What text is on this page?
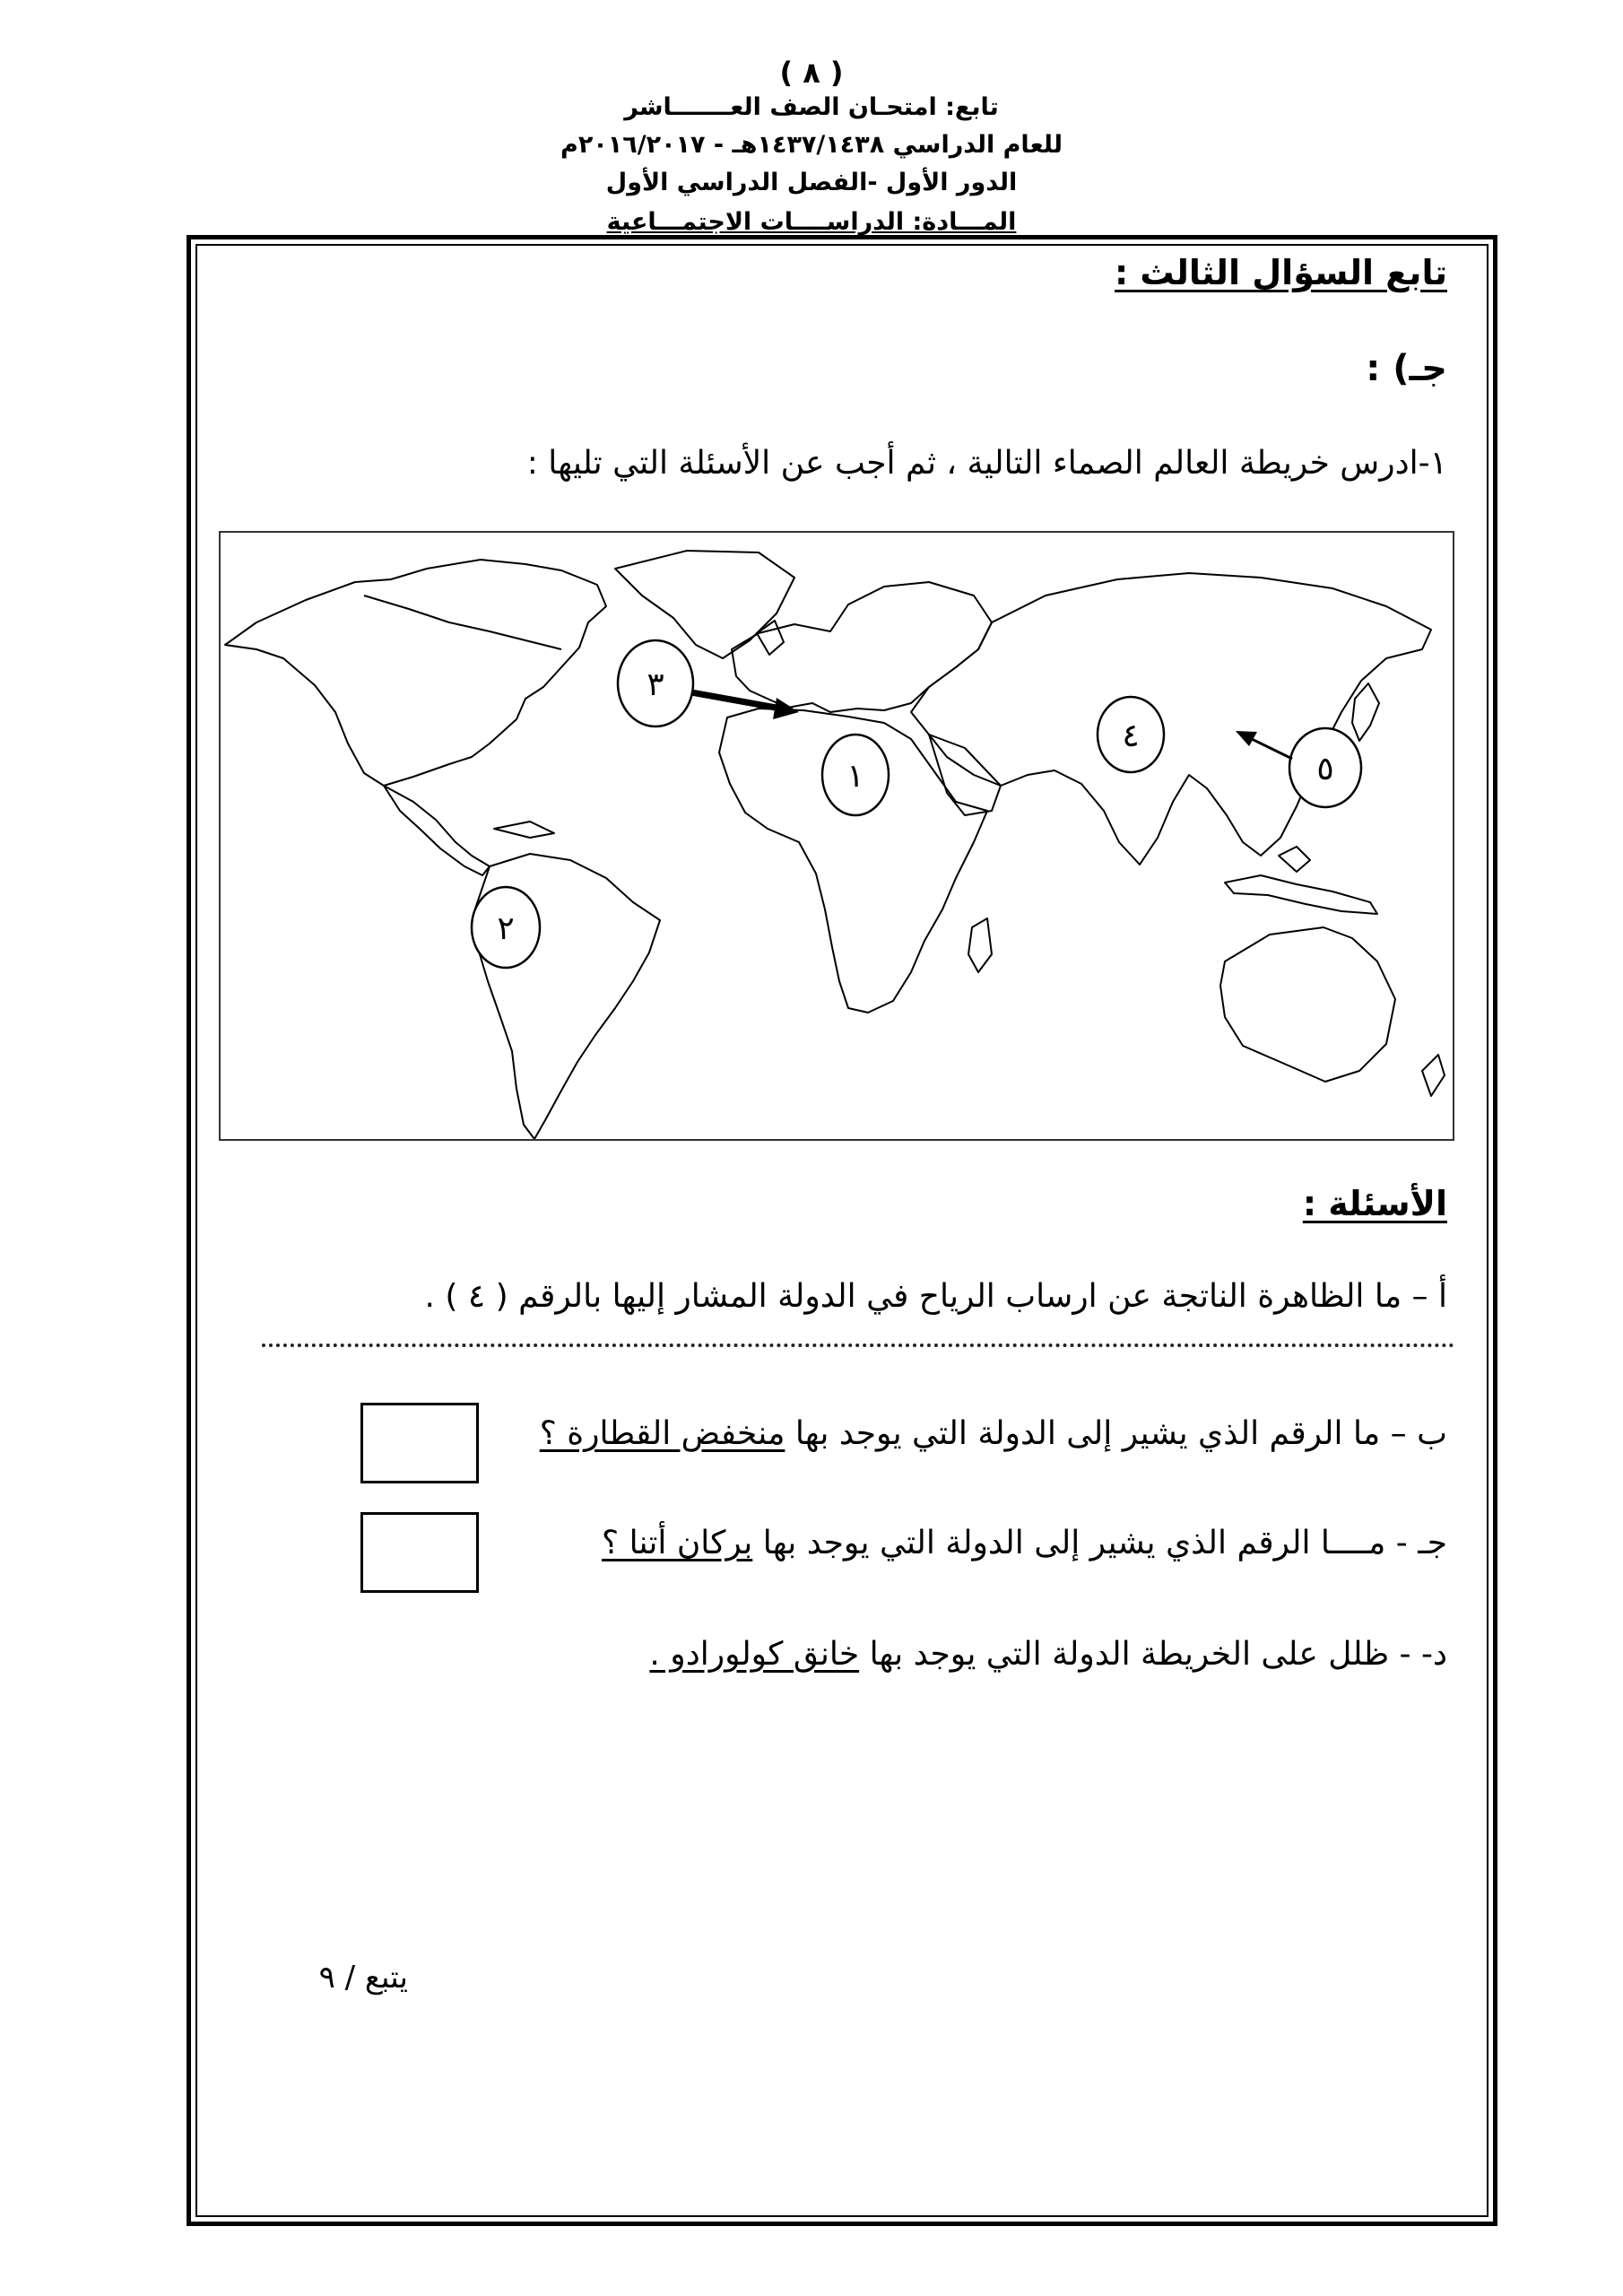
( ٨ )
تابع: امتحـان الصف العـــــــاشر
للعام الدراسي ١٤٣٧/١٤٣٨هـ - ٢٠١٦/٢٠١٧م
الدور الأول -الفصل الدراسي الأول
المـــادة: الدراســــات الاجتمـــاعية
تابع السؤال الثالث :
جـ) :
١-ادرس خريطة العالم الصماء التالية ، ثم أجب عن الأسئلة التي تليها :
١
٢
٣
٤
٥
الأسئلة :
أ – ما الظاهرة الناتجة عن ارساب الرياح في الدولة المشار إليها بالرقم ( ٤ ) .
ب – ما الرقم الذي يشير إلى الدولة التي يوجد بها منخفض القطارة ؟
جـ - مــــا الرقم الذي يشير إلى الدولة التي يوجد بها بركان أتنا ؟
د- - ظلل على الخريطة الدولة التي يوجد بها خانق كولورادو .
يتبع / ٩
